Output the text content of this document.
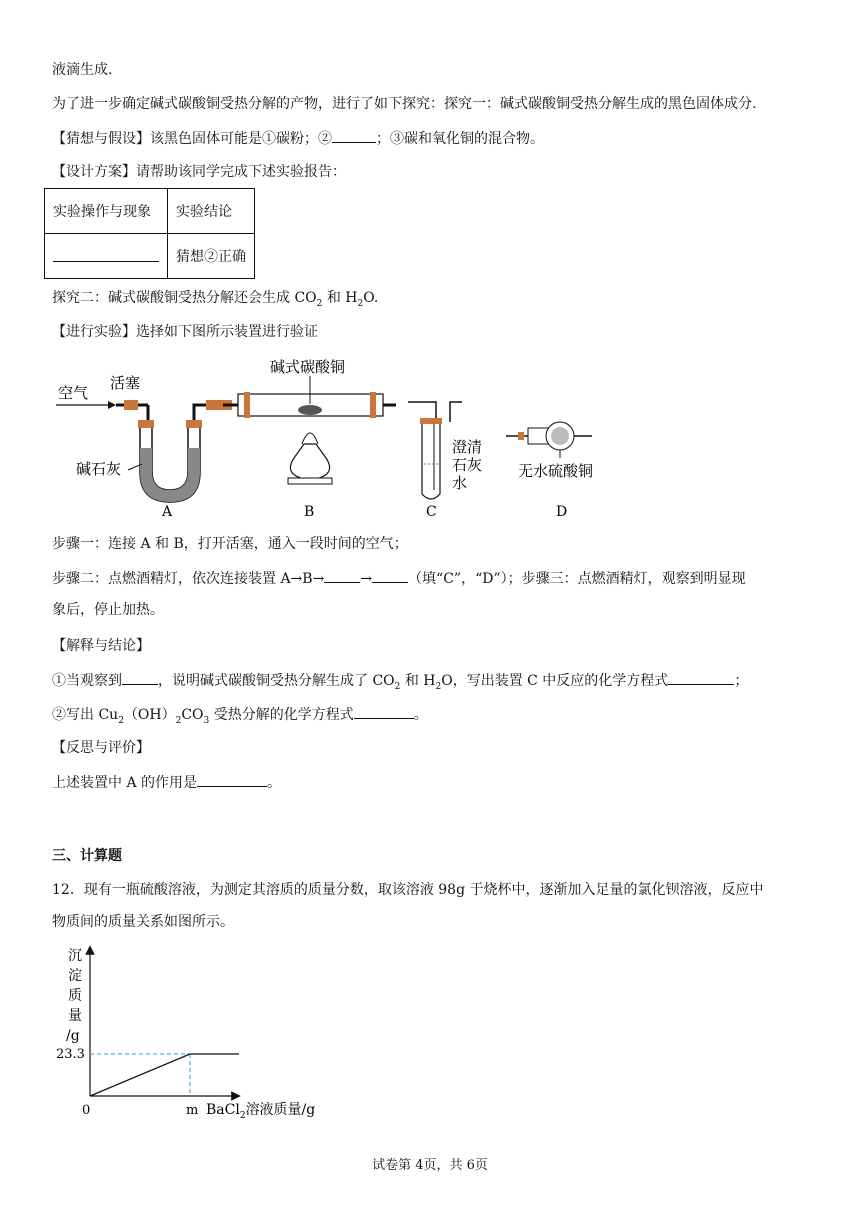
液滴生成.
为了进一步确定碱式碳酸铜受热分解的产物，进行了如下探究：探究一：碱式碳酸铜受热分解生成的黑色固体成分.
【猜想与假设】该黑色固体可能是①碳粉；②	；③碳和氧化铜的混合物。
【设计方案】请帮助该同学完成下述实验报告：
实验操作与现象	实验结论
	猜想②正确
探究二：碱式碳酸铜受热分解还会生成 $CO_2$ 和 $H_2O$.
【进行实验】选择如下图所示装置进行验证
空气
活塞
碱石灰
碱式碳酸铜
澄清
石灰
水
无水硫酸铜
A	B	C	D
步骤一：连接 A 和 B，打开活塞，通入一段时间的空气；
步骤二：点燃酒精灯，依次连接装置 A→B→	→	（填“C”，“D”）；步骤三：点燃酒精灯，观察到明显现
象后，停止加热。
【解释与结论】
①当观察到	，说明碱式碳酸铜受热分解生成了 $CO_2$ 和 $H_2O$，写出装置 C 中反应的化学方程式	；
②写出 $Cu_2(OH)_2CO_3$ 受热分解的化学方程式	。
【反思与评价】
上述装置中 A 的作用是	。
三、计算题
12．现有一瓶硫酸溶液，为测定其溶质的质量分数，取该溶液 98g 于烧杯中，逐渐加入足量的氯化钡溶液，反应中
物质间的质量关系如图所示。
沉
淀
质
量
/g
23.3
0	m BaCl$_2$溶液质量/g
试卷第 4页，共 6页
